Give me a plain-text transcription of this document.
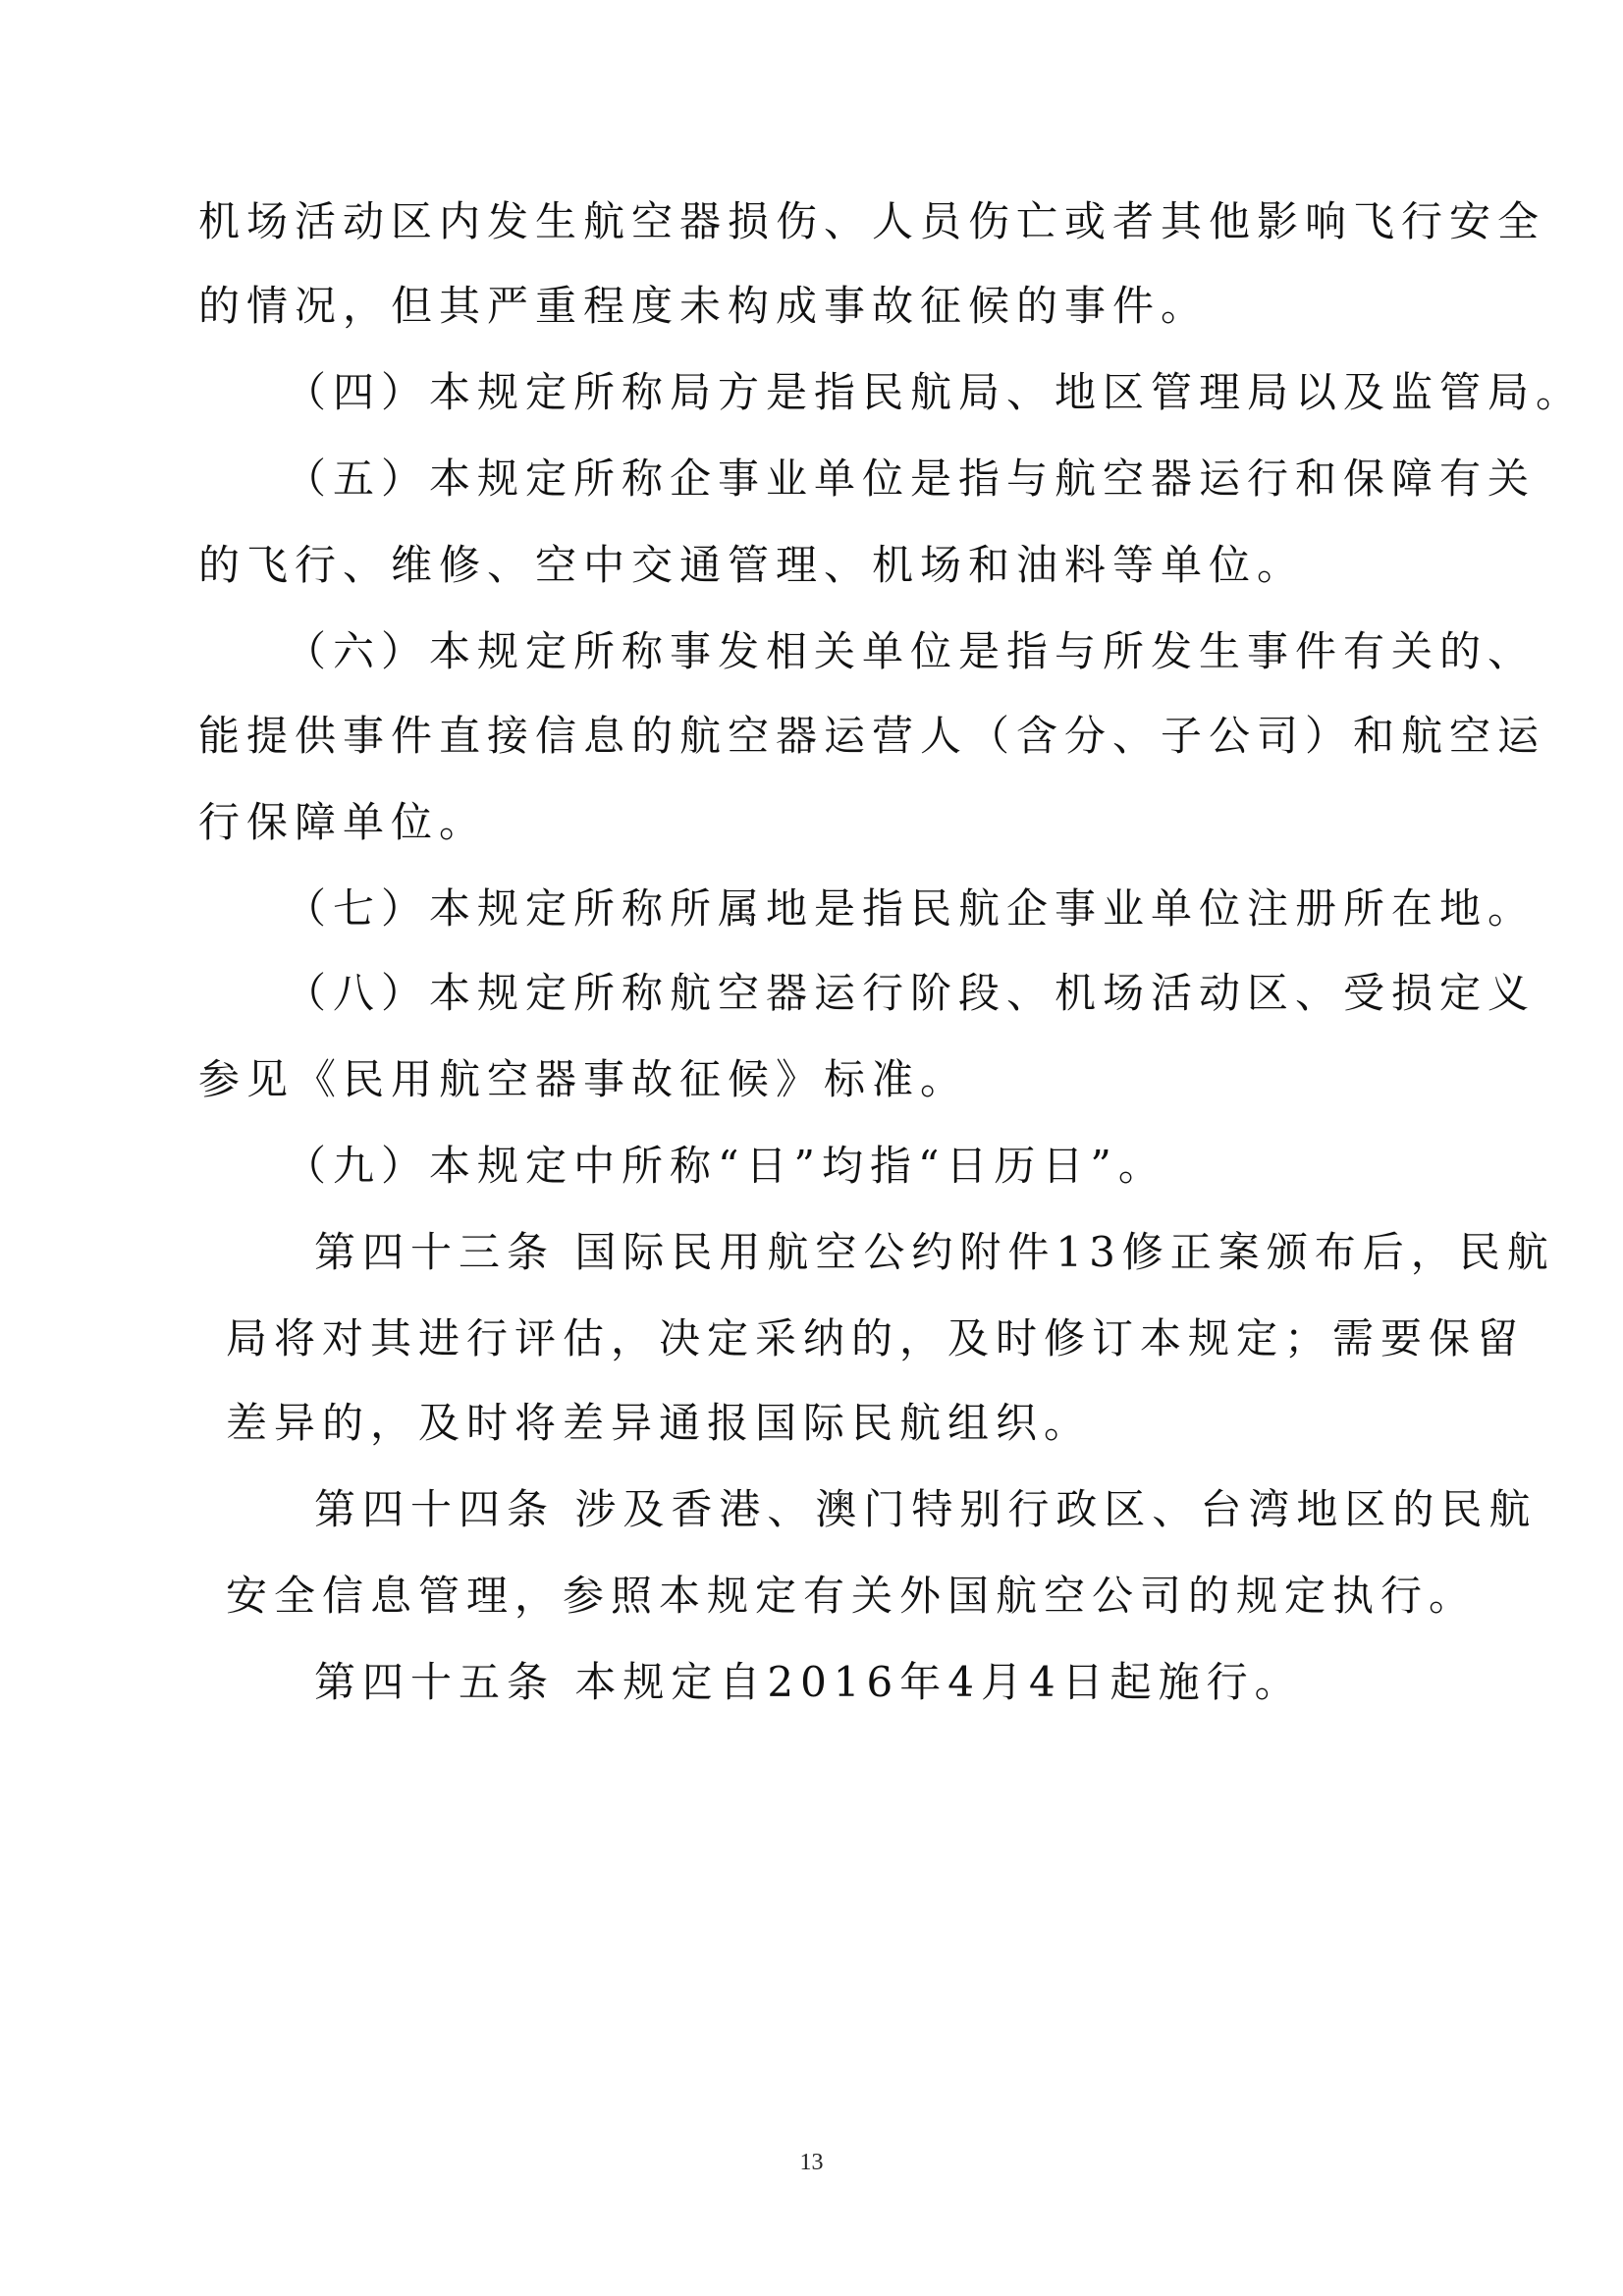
机场活动区内发生航空器损伤、人员伤亡或者其他影响飞行安全
的情况，但其严重程度未构成事故征候的事件。
（四）本规定所称局方是指民航局、地区管理局以及监管局。
（五）本规定所称企事业单位是指与航空器运行和保障有关
的飞行、维修、空中交通管理、机场和油料等单位。
（六）本规定所称事发相关单位是指与所发生事件有关的、
能提供事件直接信息的航空器运营人（含分、子公司）和航空运
行保障单位。
（七）本规定所称所属地是指民航企事业单位注册所在地。
（八）本规定所称航空器运行阶段、机场活动区、受损定义
参见《民用航空器事故征候》标准。
（九）本规定中所称“日”均指“日历日”。
第四十三条 国际民用航空公约附件13修正案颁布后，民航
局将对其进行评估，决定采纳的，及时修订本规定；需要保留
差异的，及时将差异通报国际民航组织。
第四十四条 涉及香港、澳门特别行政区、台湾地区的民航
安全信息管理，参照本规定有关外国航空公司的规定执行。
第四十五条 本规定自2016年4月4日起施行。
13
